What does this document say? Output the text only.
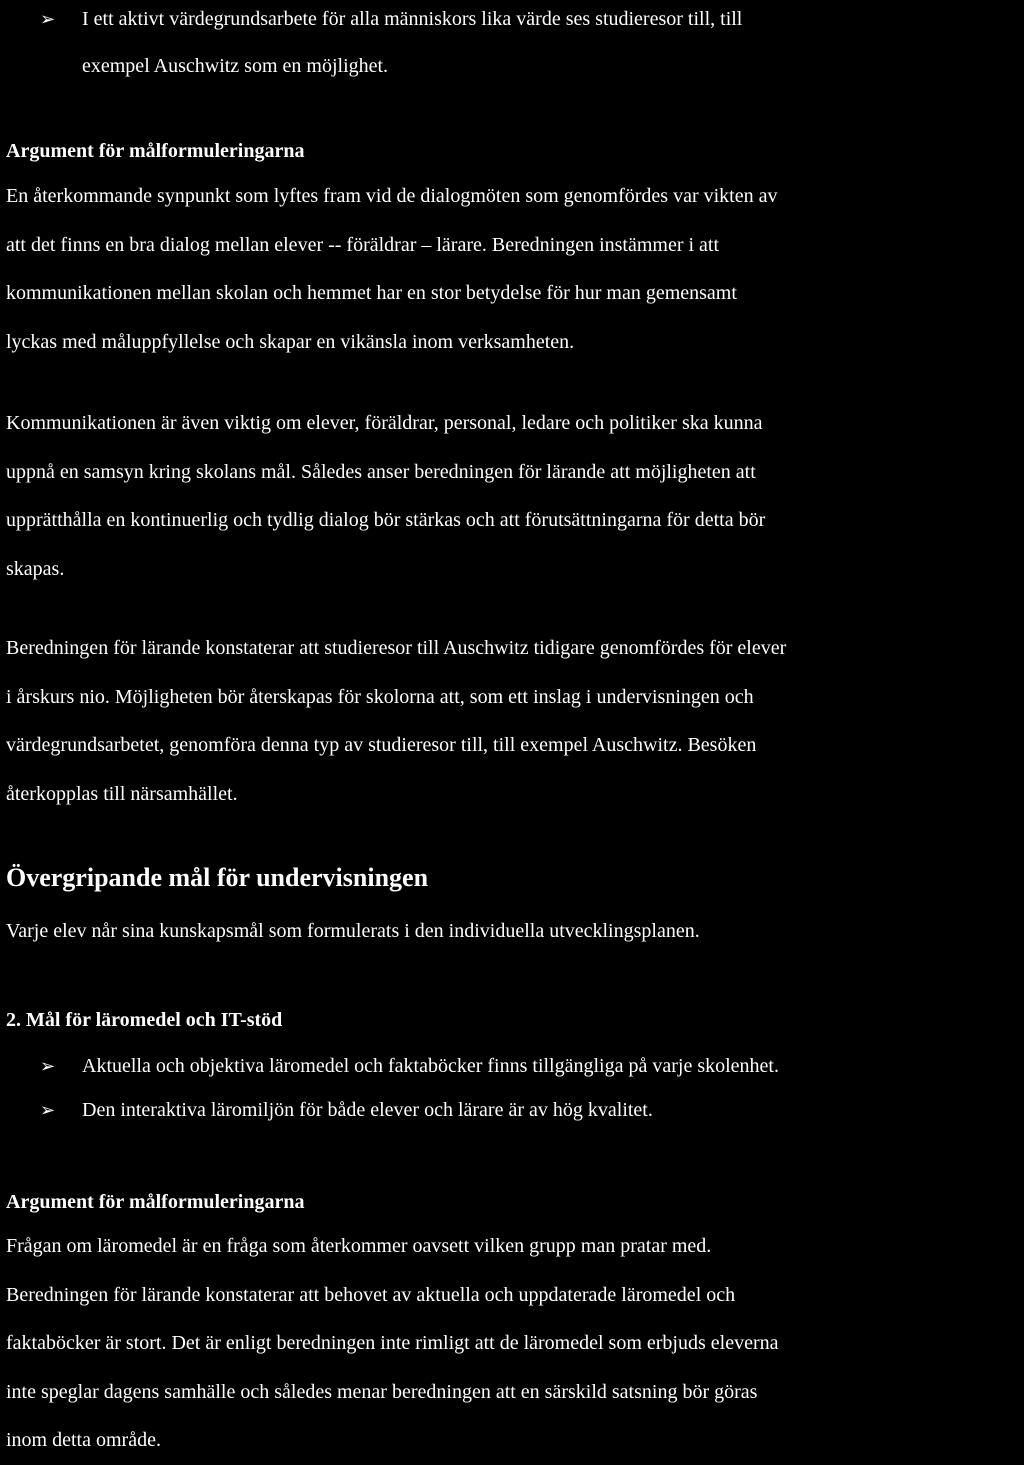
➢	I ett aktivt värdegrundsarbete för alla människors lika värde ses studieresor till, till
exempel Auschwitz som en möjlighet.
Argument för målformuleringarna
En återkommande synpunkt som lyftes fram vid de dialogmöten som genomfördes var vikten av
att det finns en bra dialog mellan elever -- föräldrar – lärare. Beredningen instämmer i att
kommunikationen mellan skolan och hemmet har en stor betydelse för hur man gemensamt
lyckas med måluppfyllelse och skapar en vikänsla inom verksamheten.
Kommunikationen är även viktig om elever, föräldrar, personal, ledare och politiker ska kunna
uppnå en samsyn kring skolans mål. Således anser beredningen för lärande att möjligheten att
upprätthålla en kontinuerlig och tydlig dialog bör stärkas och att förutsättningarna för detta bör
skapas.
Beredningen för lärande konstaterar att studieresor till Auschwitz tidigare genomfördes för elever
i årskurs nio. Möjligheten bör återskapas för skolorna att, som ett inslag i undervisningen och
värdegrundsarbetet, genomföra denna typ av studieresor till, till exempel Auschwitz. Besöken
återkopplas till närsamhället.
Övergripande mål för undervisningen
Varje elev når sina kunskapsmål som formulerats i den individuella utvecklingsplanen.
2. Mål för läromedel och IT-stöd
➢	Aktuella och objektiva läromedel och faktaböcker finns tillgängliga på varje skolenhet.
➢	Den interaktiva läromiljön för både elever och lärare är av hög kvalitet.
Argument för målformuleringarna
Frågan om läromedel är en fråga som återkommer oavsett vilken grupp man pratar med.
Beredningen för lärande konstaterar att behovet av aktuella och uppdaterade läromedel och
faktaböcker är stort. Det är enligt beredningen inte rimligt att de läromedel som erbjuds eleverna
inte speglar dagens samhälle och således menar beredningen att en särskild satsning bör göras
inom detta område.
